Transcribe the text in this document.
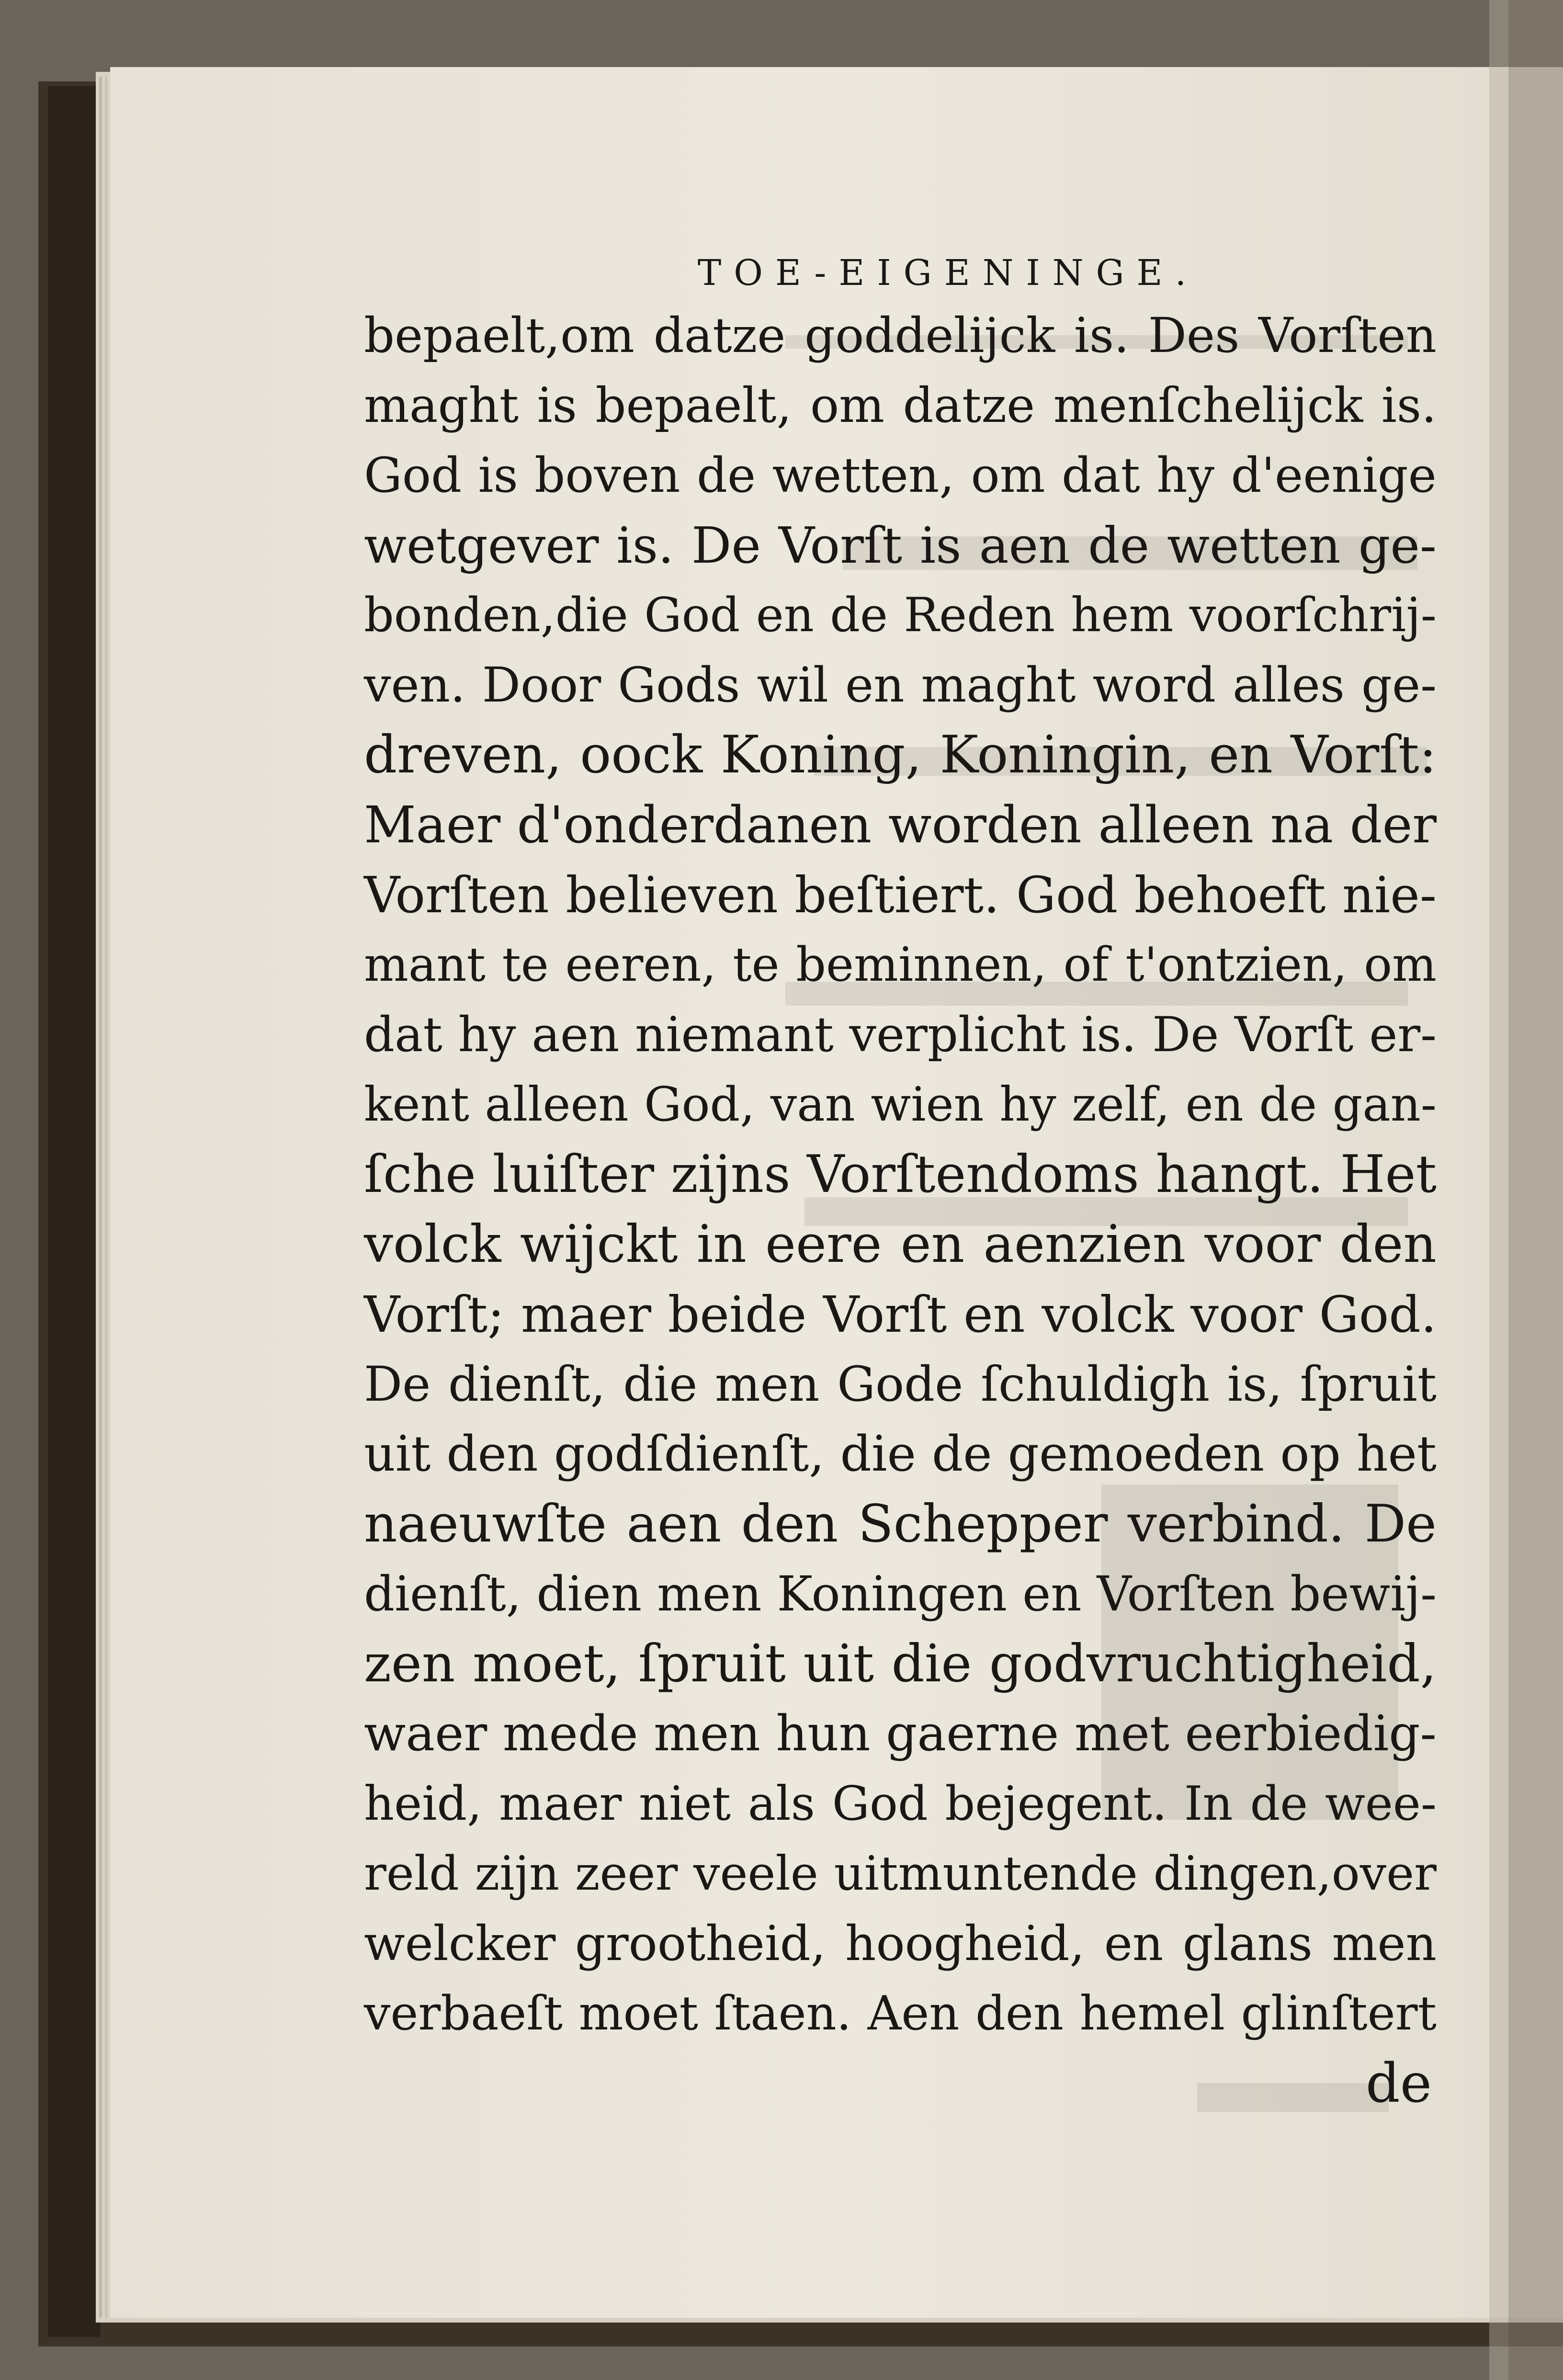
TOE-EIGENINGE.
bepaelt,om datze goddelijck is. Des Vorſten
maght is bepaelt, om datze menſchelijck is.
God is boven de wetten, om dat hy d'eenige
wetgever is. De Vorſt is aen de wetten ge-
bonden,die God en de Reden hem voorſchrij-
ven. Door Gods wil en maght word alles ge-
dreven, oock Koning, Koningin, en Vorſt:
Maer d'onderdanen worden alleen na der
Vorſten believen beſtiert. God behoeft nie-
mant te eeren, te beminnen, of t'ontzien, om
dat hy aen niemant verplicht is. De Vorſt er-
kent alleen God, van wien hy zelf, en de gan-
ſche luiſter zijns Vorſtendoms hangt. Het
volck wijckt in eere en aenzien voor den
Vorſt; maer beide Vorſt en volck voor God.
De dienſt, die men Gode ſchuldigh is, ſpruit
uit den godſdienſt, die de gemoeden op het
naeuwſte aen den Schepper verbind. De
dienſt, dien men Koningen en Vorſten bewij-
zen moet, ſpruit uit die godvruchtigheid,
waer mede men hun gaerne met eerbiedig-
heid, maer niet als God bejegent. In de wee-
reld zijn zeer veele uitmuntende dingen,over
welcker grootheid, hoogheid, en glans men
verbaeſt moet ſtaen. Aen den hemel glinſtert
de
